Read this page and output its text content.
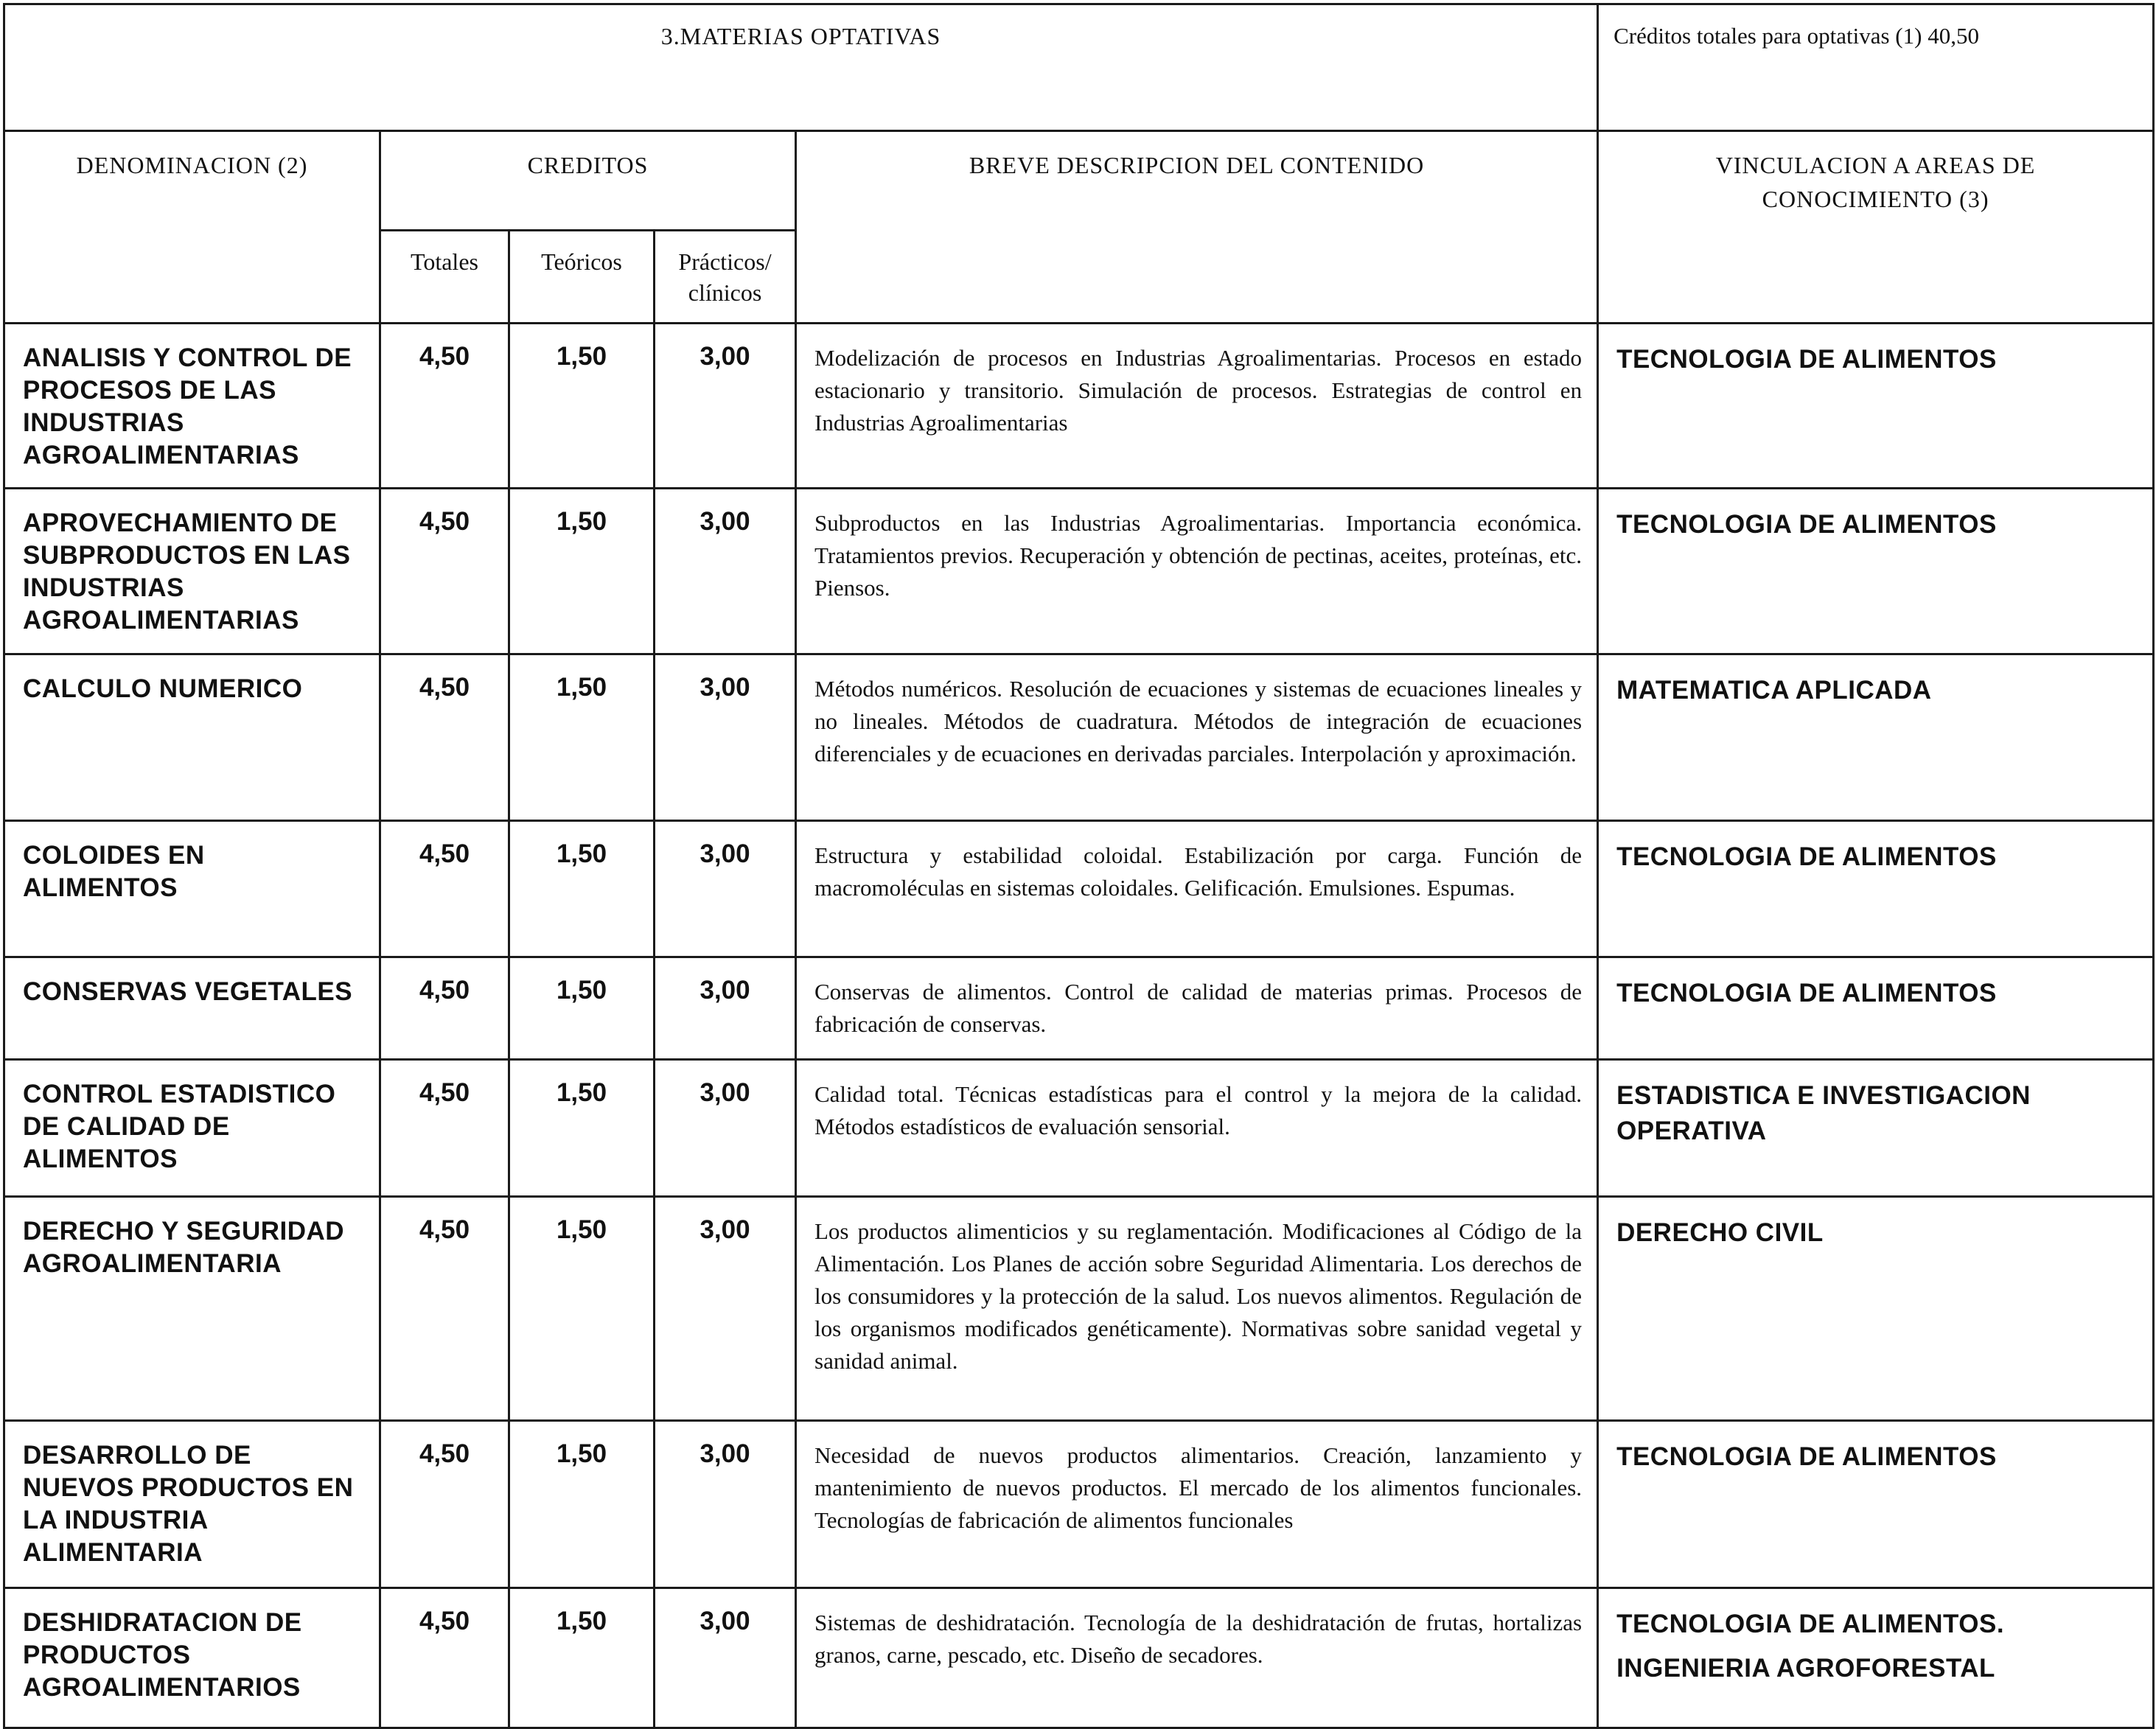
3.MATERIAS OPTATIVAS					Créditos totales para optativas (1) 40,50
DENOMINACION (2)	CREDITOS			BREVE DESCRIPCION DEL CONTENIDO	VINCULACION A AREAS DE CONOCIMIENTO (3)
	Totales	Teóricos	Prácticos/ clínicos		
ANALISIS Y CONTROL DE PROCESOS DE LAS INDUSTRIAS AGROALIMENTARIAS	4,50	1,50	3,00	Modelización de procesos en Industrias Agroalimentarias. Procesos en estado estacionario y transitorio. Simulación de procesos. Estrategias de control en Industrias Agroalimentarias	TECNOLOGIA DE ALIMENTOS

APROVECHAMIENTO DE SUBPRODUCTOS EN LAS INDUSTRIAS AGROALIMENTARIAS	4,50	1,50	3,00	Subproductos en las Industrias Agroalimentarias. Importancia económica. Tratamientos previos. Recuperación y obtención de pectinas, aceites, proteínas, etc. Piensos.	TECNOLOGIA DE ALIMENTOS

CALCULO NUMERICO	4,50	1,50	3,00	Métodos numéricos. Resolución de ecuaciones y sistemas de ecuaciones lineales y no lineales. Métodos de cuadratura. Métodos de integración de ecuaciones diferenciales y de ecuaciones en derivadas parciales. Interpolación y aproximación.	MATEMATICA APLICADA

COLOIDES EN ALIMENTOS	4,50	1,50	3,00	Estructura y estabilidad coloidal. Estabilización por carga. Función de macromoléculas en sistemas coloidales. Gelificación. Emulsiones. Espumas.	TECNOLOGIA DE ALIMENTOS

CONSERVAS VEGETALES	4,50	1,50	3,00	Conservas de alimentos. Control de calidad de materias primas. Procesos de fabricación de conservas.	TECNOLOGIA DE ALIMENTOS

CONTROL ESTADISTICO DE CALIDAD DE ALIMENTOS	4,50	1,50	3,00	Calidad total. Técnicas estadísticas para el control y la mejora de la calidad. Métodos estadísticos de evaluación sensorial.	ESTADISTICA E INVESTIGACION OPERATIVA

DERECHO Y SEGURIDAD AGROALIMENTARIA	4,50	1,50	3,00	Los productos alimenticios y su reglamentación. Modificaciones al Código de la Alimentación. Los Planes de acción sobre Seguridad Alimentaria. Los derechos de los consumidores y la protección de la salud. Los nuevos alimentos. Regulación de los organismos modificados genéticamente). Normativas sobre sanidad vegetal y sanidad animal.	DERECHO CIVIL

DESARROLLO DE NUEVOS PRODUCTOS EN LA INDUSTRIA ALIMENTARIA	4,50	1,50	3,00	Necesidad de nuevos productos alimentarios. Creación, lanzamiento y mantenimiento de nuevos productos. El mercado de los alimentos funcionales. Tecnologías de fabricación de alimentos funcionales	TECNOLOGIA DE ALIMENTOS

DESHIDRATACION DE PRODUCTOS AGROALIMENTARIOS	4,50	1,50	3,00	Sistemas de deshidratación. Tecnología de la deshidratación de frutas, hortalizas granos, carne, pescado, etc. Diseño de secadores.	TECNOLOGIA DE ALIMENTOS.
INGENIERIA AGROFORESTAL
